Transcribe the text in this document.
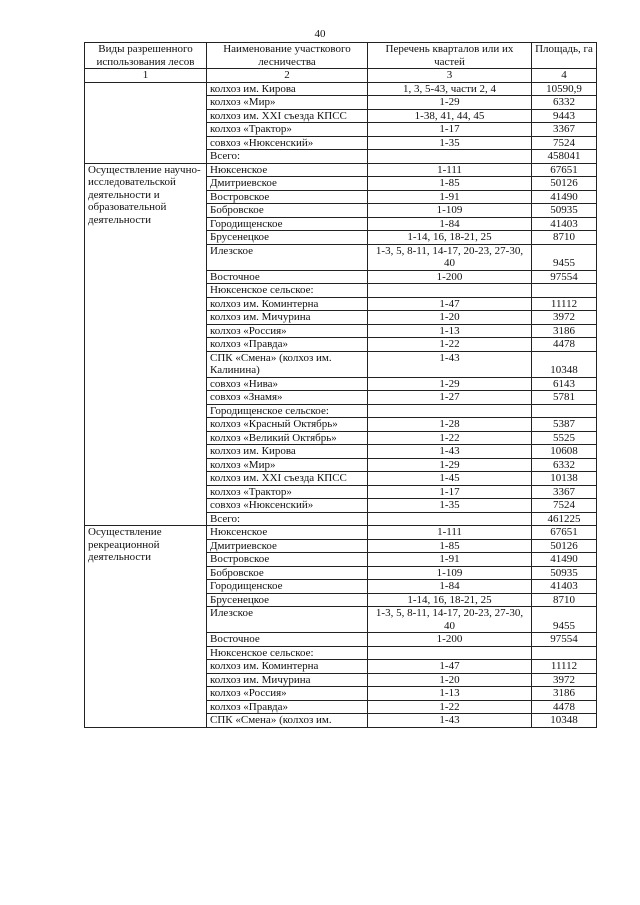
40
Виды разрешенного использования лесов	Наименование участкового лесничества	Перечень кварталов или их частей	Площадь, га
1	2	3	4
	колхоз им. Кирова	1, 3, 5-43, части 2, 4	10590,9
	колхоз «Мир»	1-29	6332
	колхоз им. XXI съезда КПСС	1-38, 41, 44, 45	9443
	колхоз «Трактор»	1-17	3367
	совхоз «Нюксенский»	1-35	7524
	Всего:		458041
Осуществление научно-исследовательской деятельности и образовательной деятельности	Нюксенское	1-111	67651
	Дмитриевское	1-85	50126
	Востровское	1-91	41490
	Бобровское	1-109	50935
	Городищенское	1-84	41403
	Брусенецкое	1-14, 16, 18-21, 25	8710
	Илезское	1-3, 5, 8-11, 14-17, 20-23, 27-30, 40	9455
	Восточное	1-200	97554
	Нюксенское сельское:		
	колхоз им. Коминтерна	1-47	11112
	колхоз им. Мичурина	1-20	3972
	колхоз «Россия»	1-13	3186
	колхоз «Правда»	1-22	4478
	СПК «Смена» (колхоз им. Калинина)	1-43	10348
	совхоз «Нива»	1-29	6143
	совхоз «Знамя»	1-27	5781
	Городищенское сельское:		
	колхоз «Красный Октябрь»	1-28	5387
	колхоз «Великий Октябрь»	1-22	5525
	колхоз им. Кирова	1-43	10608
	колхоз «Мир»	1-29	6332
	колхоз им. XXI съезда КПСС	1-45	10138
	колхоз «Трактор»	1-17	3367
	совхоз «Нюксенский»	1-35	7524
	Всего:		461225
Осуществление рекреационной деятельности	Нюксенское	1-111	67651
	Дмитриевское	1-85	50126
	Востровское	1-91	41490
	Бобровское	1-109	50935
	Городищенское	1-84	41403
	Брусенецкое	1-14, 16, 18-21, 25	8710
	Илезское	1-3, 5, 8-11, 14-17, 20-23, 27-30, 40	9455
	Восточное	1-200	97554
	Нюксенское сельское:		
	колхоз им. Коминтерна	1-47	11112
	колхоз им. Мичурина	1-20	3972
	колхоз «Россия»	1-13	3186
	колхоз «Правда»	1-22	4478
	СПК «Смена» (колхоз им.	1-43	10348
